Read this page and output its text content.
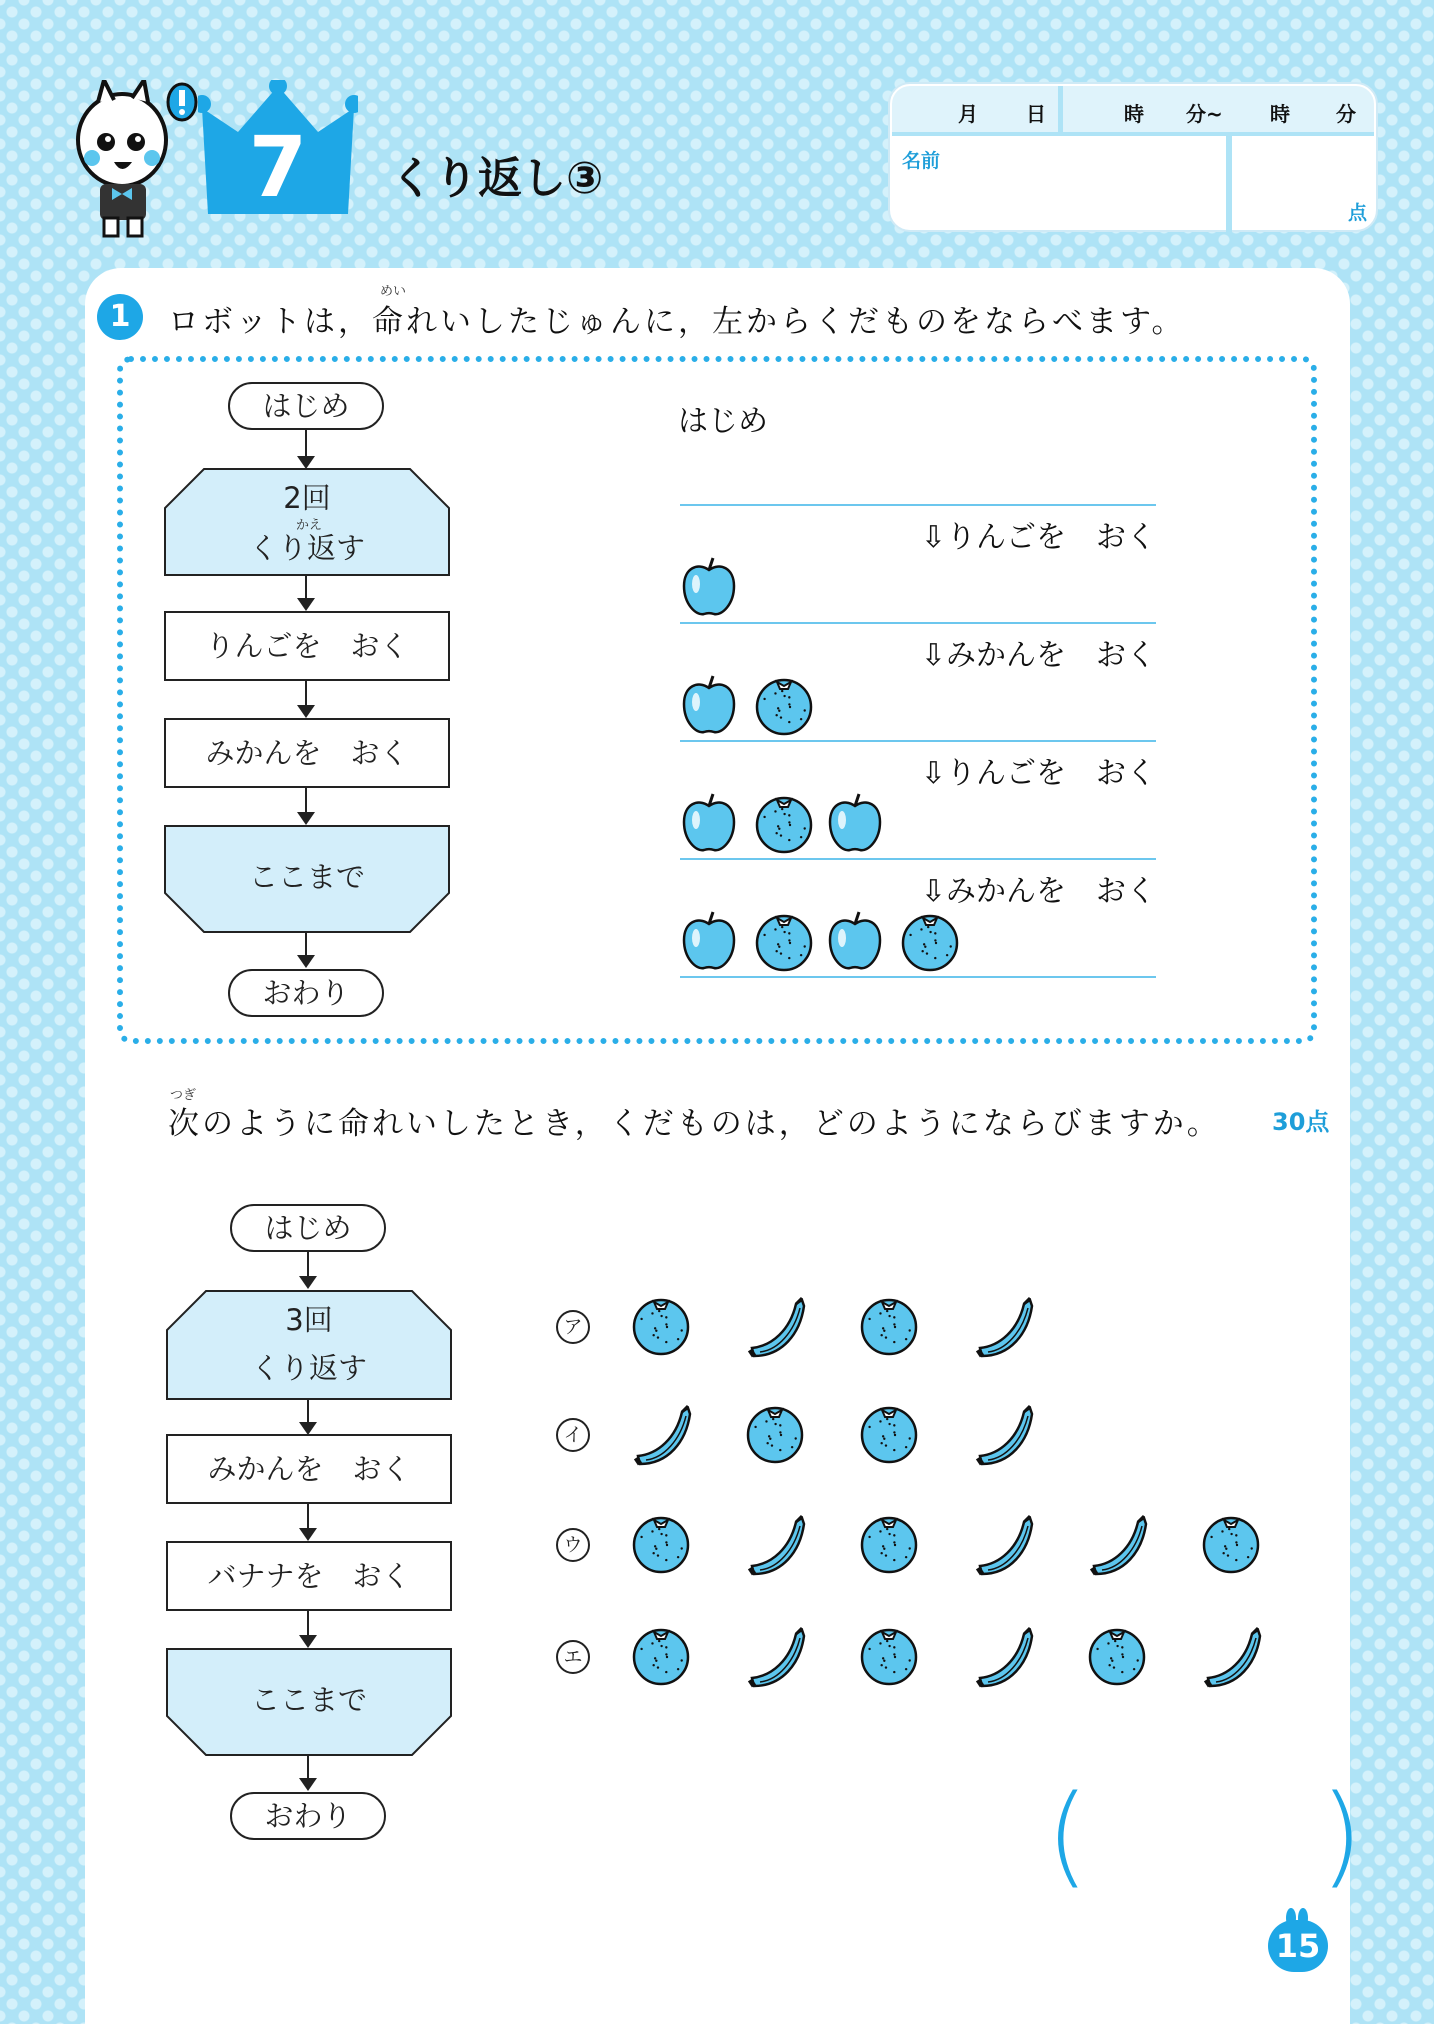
7	くり返し③
月 日	時 分~ 時 分
名前
点
1
めい
ロボットは，命れいしたじゅんに，左からくだものをならべます。
はじめ
2回
かえ
くり返す
りんごを　おく
みかんを　おく
ここまで
おわり
はじめ
⇩りんごを　おく
⇩みかんを　おく
⇩りんごを　おく
⇩みかんを　おく
つぎ
次のように命れいしたとき，くだものは，どのようにならびますか。 30点
はじめ
3回
くり返す
みかんを　おく
バナナを　おく
ここまで
おわり
ア
イ
ウ
エ
( )
15
